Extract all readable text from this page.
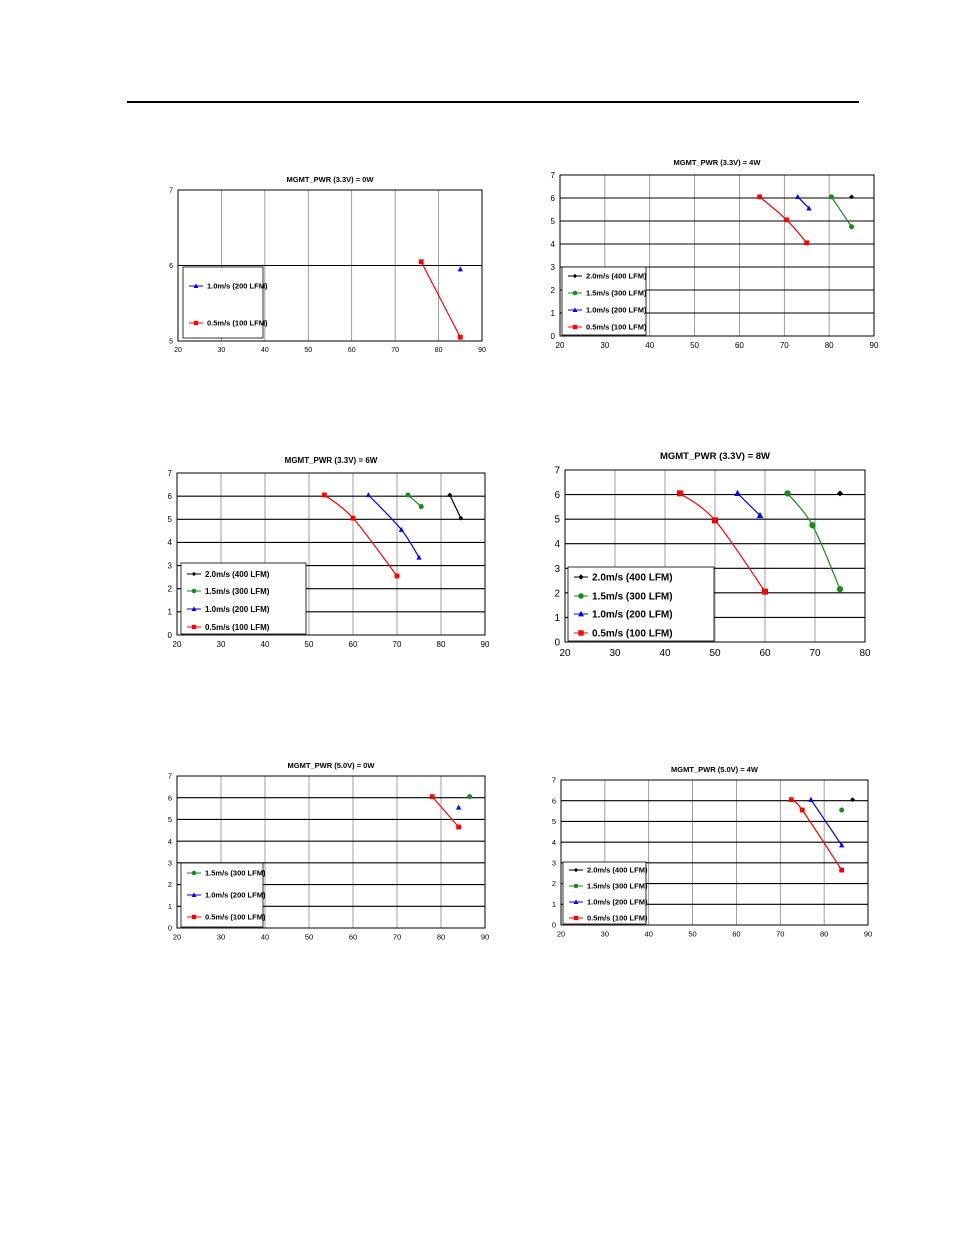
MGMT_PWR (3.3V) = 0W
20	30	40	50	60	70	80	90
5
6
7
1.0m/s (200 LFM)
0.5m/s (100 LFM)
MGMT_PWR (3.3V) = 4W
20	30	40	50	60	70	80	90
0
1
2
3
4
5
6
7
2.0m/s (400 LFM)
1.5m/s (300 LFM)
1.0m/s (200 LFM)
0.5m/s (100 LFM)
MGMT_PWR (3.3V) = 6W
20	30	40	50	60	70	80	90
0
1
2
3
4
5
6
7
2.0m/s (400 LFM)
1.5m/s (300 LFM)
1.0m/s (200 LFM)
0.5m/s (100 LFM)
MGMT_PWR (3.3V) = 8W
20	30	40	50	60	70	80
0
1
2
3
4
5
6
7
2.0m/s (400 LFM)
1.5m/s (300 LFM)
1.0m/s (200 LFM)
0.5m/s (100 LFM)
MGMT_PWR (5.0V) = 0W
20	30	40	50	60	70	80	90
0
1
2
3
4
5
6
7
1.5m/s (300 LFM)
1.0m/s (200 LFM)
0.5m/s (100 LFM)
MGMT_PWR (5.0V) = 4W
20	30	40	50	60	70	80	90
0
1
2
3
4
5
6
7
2.0m/s (400 LFM)
1.5m/s (300 LFM)
1.0m/s (200 LFM)
0.5m/s (100 LFM)
